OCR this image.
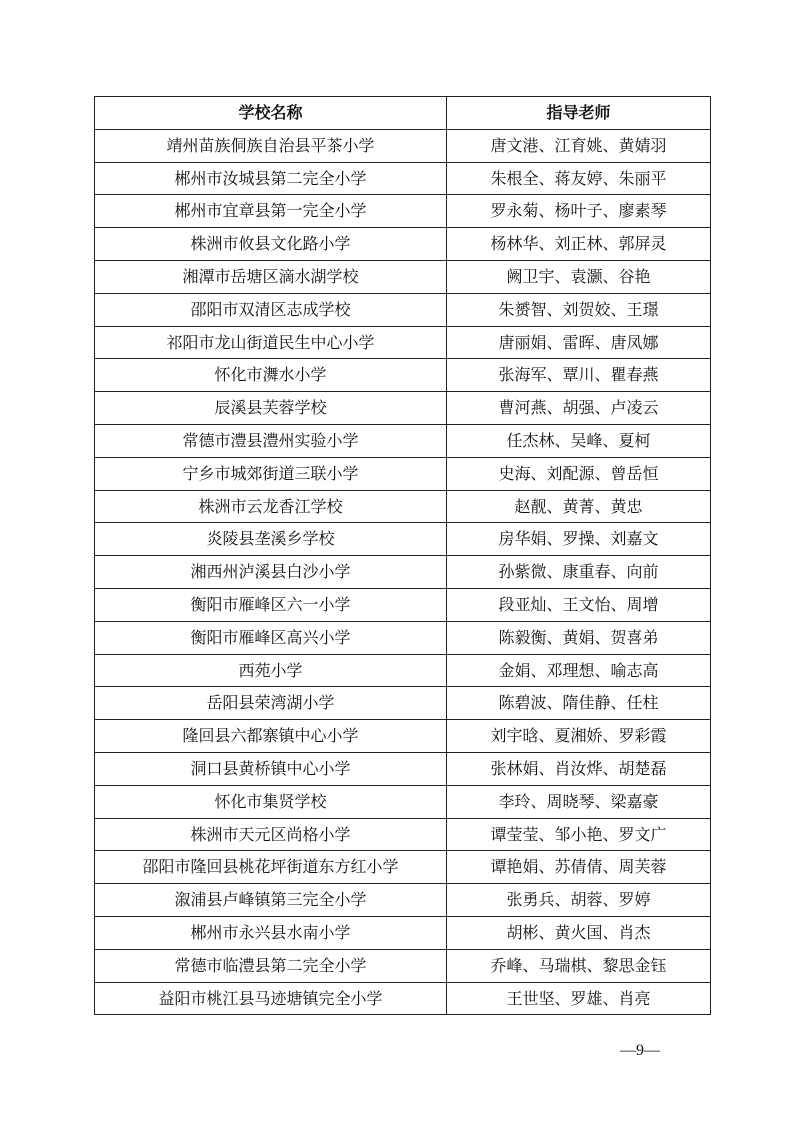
学校名称	指导老师
靖州苗族侗族自治县平茶小学	唐文港、江育姚、黄婧羽
郴州市汝城县第二完全小学	朱根全、蒋友婷、朱丽平
郴州市宜章县第一完全小学	罗永菊、杨叶子、廖素琴
株洲市攸县文化路小学	杨林华、刘正林、郭屏灵
湘潭市岳塘区滴水湖学校	阙卫宇、袁灏、谷艳
邵阳市双清区志成学校	朱赟智、刘贺姣、王璟
祁阳市龙山街道民生中心小学	唐丽娟、雷晖、唐凤娜
怀化市㵲水小学	张海军、覃川、瞿春燕
辰溪县芙蓉学校	曹河燕、胡强、卢凌云
常德市澧县澧州实验小学	任杰林、吴峰、夏柯
宁乡市城郊街道三联小学	史海、刘配源、曾岳恒
株洲市云龙香江学校	赵靓、黄菁、黄忠
炎陵县垄溪乡学校	房华娟、罗操、刘嘉文
湘西州泸溪县白沙小学	孙紫微、康重春、向前
衡阳市雁峰区六一小学	段亚灿、王文怡、周增
衡阳市雁峰区高兴小学	陈毅衡、黄娟、贺喜弟
西苑小学	金娟、邓理想、喻志高
岳阳县荣湾湖小学	陈碧波、隋佳静、任柱
隆回县六都寨镇中心小学	刘宇晗、夏湘娇、罗彩霞
洞口县黄桥镇中心小学	张林娟、肖汝烨、胡楚磊
怀化市集贤学校	李玲、周晓琴、梁嘉豪
株洲市天元区尚格小学	谭莹莹、邹小艳、罗文广
邵阳市隆回县桃花坪街道东方红小学	谭艳娟、苏倩倩、周芙蓉
溆浦县卢峰镇第三完全小学	张勇兵、胡蓉、罗婷
郴州市永兴县水南小学	胡彬、黄火国、肖杰
常德市临澧县第二完全小学	乔峰、马瑞棋、黎思金钰
益阳市桃江县马迹塘镇完全小学	王世坚、罗雄、肖亮
—9—
